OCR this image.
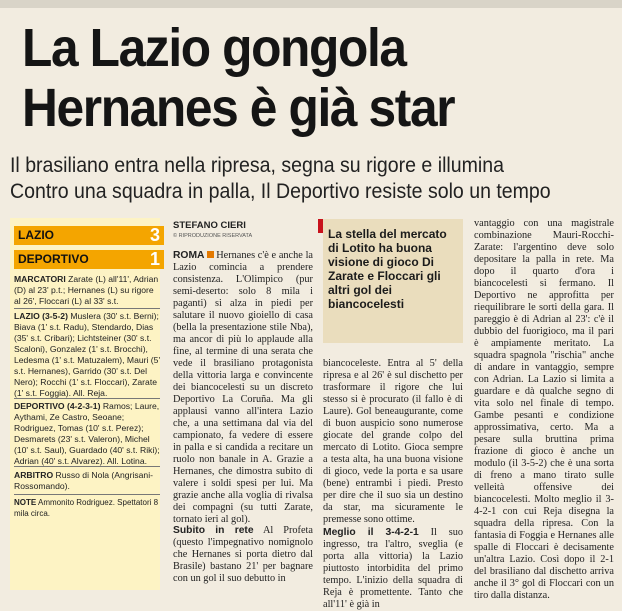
La Lazio gongola
Hernanes è già star
Il brasiliano entra nella ripresa, segna su rigore e illumina
Contro una squadra in palla, Il Deportivo resiste solo un tempo
LAZIO	3
DEPORTIVO	1
MARCATORI Zarate (L) all'11', Adrian (D) al 23' p.t.; Hernanes (L) su rigore al 26', Floccari (L) al 33' s.t.
LAZIO (3-5-2) Muslera (30' s.t. Berni); Biava (1' s.t. Radu), Stendardo, Dias (35' s.t. Cribari); Lichtsteiner (30' s.t. Scaloni), Gonzalez (1' s.t. Brocchi), Ledesma (1' s.t. Matuzalem), Mauri (5' s.t. Hernanes), Garrido (30' s.t. Del Nero); Rocchi (1' s.t. Floccari), Zarate (1' s.t. Foggia). All. Reja.
DEPORTIVO (4-2-3-1) Ramos; Laure, Aythami, Ze Castro, Seoane; Rodriguez, Tomas (10' s.t. Perez); Desmarets (23' s.t. Valeron), Michel (10' s.t. Saul), Guardado (40' s.t. Riki); Adrian (40' s.t. Alvarez). All. Lotina.
ARBITRO Russo di Nola (Angrisani-Rossomando).
NOTE Ammonito Rodriguez. Spettatori 8 mila circa.
STEFANO CIERI
© RIPRODUZIONE RISERVATA
ROMA Hernanes c'è e anche la Lazio comincia a prendere consistenza. L'Olimpico (pur semi-deserto: solo 8 mila i paganti) si alza in piedi per salutare il nuovo gioiello di casa (bella la presentazione stile Nba), ma ancor di più lo applaude alla fine, al termine di una serata che vede il brasiliano protagonista della vittoria larga e convincente dei biancocelesti su un discreto Deportivo La Coruña. Ma gli applausi vanno all'intera Lazio che, a una settimana dal via del campionato, fa vedere di essere in palla e si candida a recitare un ruolo non banale in A. Grazie a Hernanes, che dimostra subito di valere i soldi spesi per lui. Ma grazie anche alla voglia di rivalsa dei compagni (su tutti Zarate, tornato ieri al gol).
Subito in rete Al Profeta (questo l'impegnativo nomignolo che Hernanes si porta dietro dal Brasile) bastano 21' per bagnare con un gol il suo debutto in
La stella del mercato di Lotito ha buona visione di gioco Di Zarate e Floccari gli altri gol dei biancocelesti
biancoceleste. Entra al 5' della ripresa e al 26' è sul dischetto per trasformare il rigore che lui stesso si è procurato (il fallo è di Laure). Gol beneaugurante, come di buon auspicio sono numerose giocate del grande colpo del mercato di Lotito. Gioca sempre a testa alta, ha una buona visione di gioco, vede la porta e sa usare (bene) entrambi i piedi. Presto per dire che il suo sia un destino da star, ma sicuramente le premesse sono ottime.
Meglio il 3-4-2-1 Il suo ingresso, tra l'altro, sveglia (e porta alla vittoria) la Lazio piuttosto intorbidita del primo tempo. L'inizio della squadra di Reja è promettente. Tanto che all'11' è già in
vantaggio con una magistrale combinazione Mauri-Rocchi-Zarate: l'argentino deve solo depositare la palla in rete. Ma dopo il quarto d'ora i biancocelesti si fermano. Il Deportivo ne approfitta per riequilibrare le sorti della gara. Il pareggio è di Adrian al 23': c'è il dubbio del fuorigioco, ma il pari è ampiamente meritato. La squadra spagnola "rischia" anche di andare in vantaggio, sempre con Adrian. La Lazio si limita a guardare e dà qualche segno di vita solo nel finale di tempo. Gambe pesanti e condizione approssimativa, certo. Ma a pesare sulla bruttina prima frazione di gioco è anche un modulo (il 3-5-2) che è una sorta di freno a mano tirato sulle velleità offensive dei biancocelesti. Molto meglio il 3-4-2-1 con cui Reja disegna la squadra della ripresa. Con la fantasia di Foggia e Hernanes alle spalle di Floccari è decisamente un'altra Lazio. Così dopo il 2-1 del brasiliano dal dischetto arriva anche il 3° gol di Floccari con un tiro dalla distanza.
